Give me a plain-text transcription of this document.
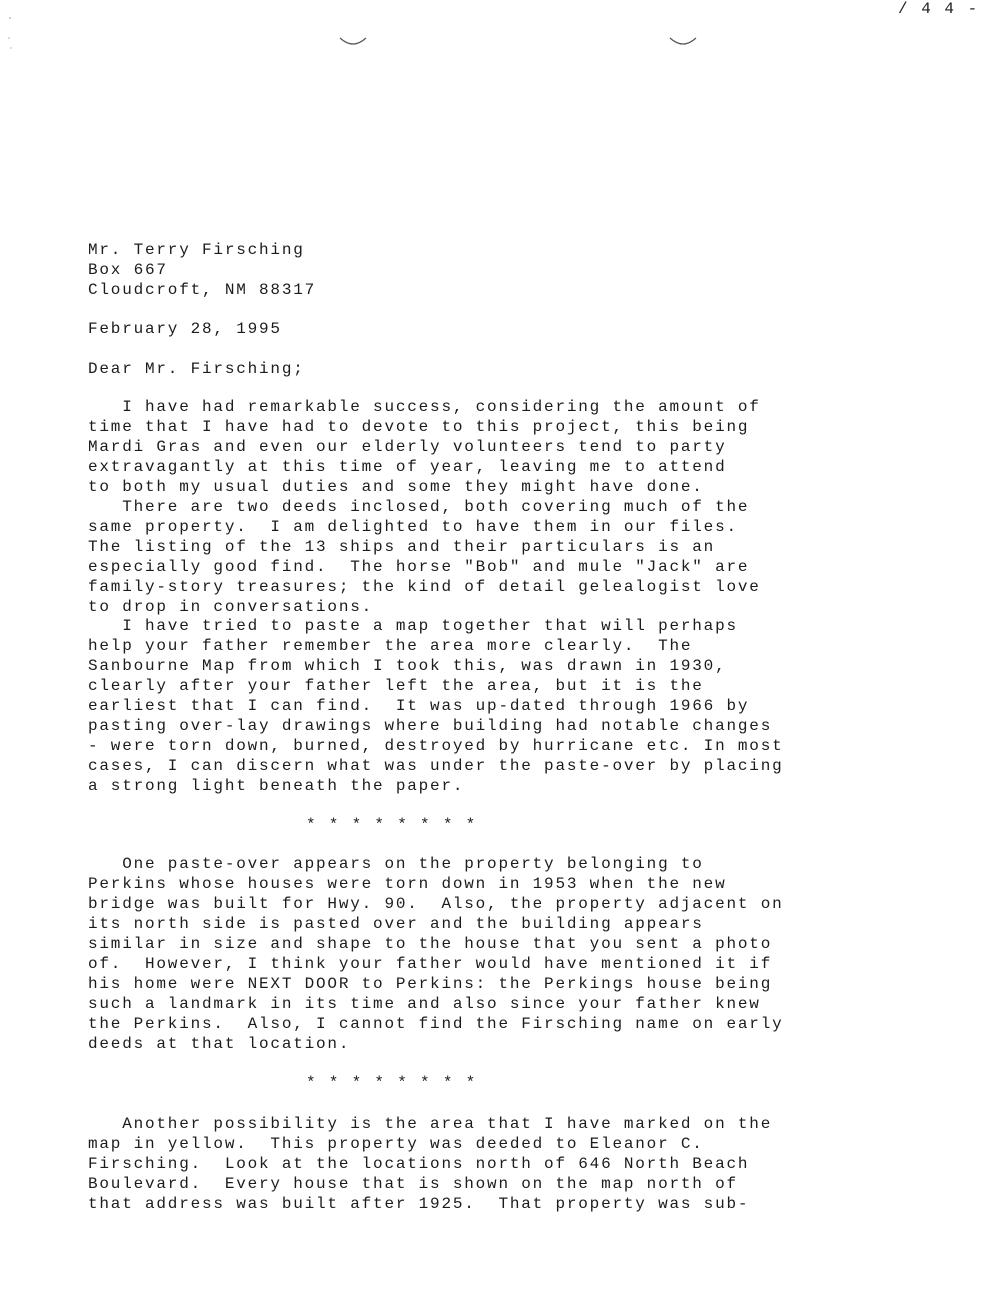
/ 4 4 -

Mr. Terry Firsching

Box 667

Cloudcroft, NM 88317

February 28, 1995

Dear Mr. Firsching;

I have had remarkable success, considering the amount of

time that I have had to devote to this project, this being

Mardi Gras and even our elderly volunteers tend to party

extravagantly at this time of year, leaving me to attend

to both my usual duties and some they might have done.

There are two deeds inclosed, both covering much of the

same property.  I am delighted to have them in our files.

The listing of the 13 ships and their particulars is an

especially good find.  The horse "Bob" and mule "Jack" are

family-story treasures; the kind of detail gelealogist love

to drop in conversations.

I have tried to paste a map together that will perhaps

help your father remember the area more clearly.  The

Sanbourne Map from which I took this, was drawn in 1930,

clearly after your father left the area, but it is the

earliest that I can find.  It was up-dated through 1966 by

pasting over-lay drawings where building had notable changes

- were torn down, burned, destroyed by hurricane etc. In most

cases, I can discern what was under the paste-over by placing

a strong light beneath the paper.

* * * * * * * *

One paste-over appears on the property belonging to

Perkins whose houses were torn down in 1953 when the new

bridge was built for Hwy. 90.  Also, the property adjacent on

its north side is pasted over and the building appears

similar in size and shape to the house that you sent a photo

of.  However, I think your father would have mentioned it if

his home were NEXT DOOR to Perkins: the Perkings house being

such a landmark in its time and also since your father knew

the Perkins.  Also, I cannot find the Firsching name on early

deeds at that location.

* * * * * * * *

Another possibility is the area that I have marked on the

map in yellow.  This property was deeded to Eleanor C.

Firsching.  Look at the locations north of 646 North Beach

Boulevard.  Every house that is shown on the map north of

that address was built after 1925.  That property was sub-
